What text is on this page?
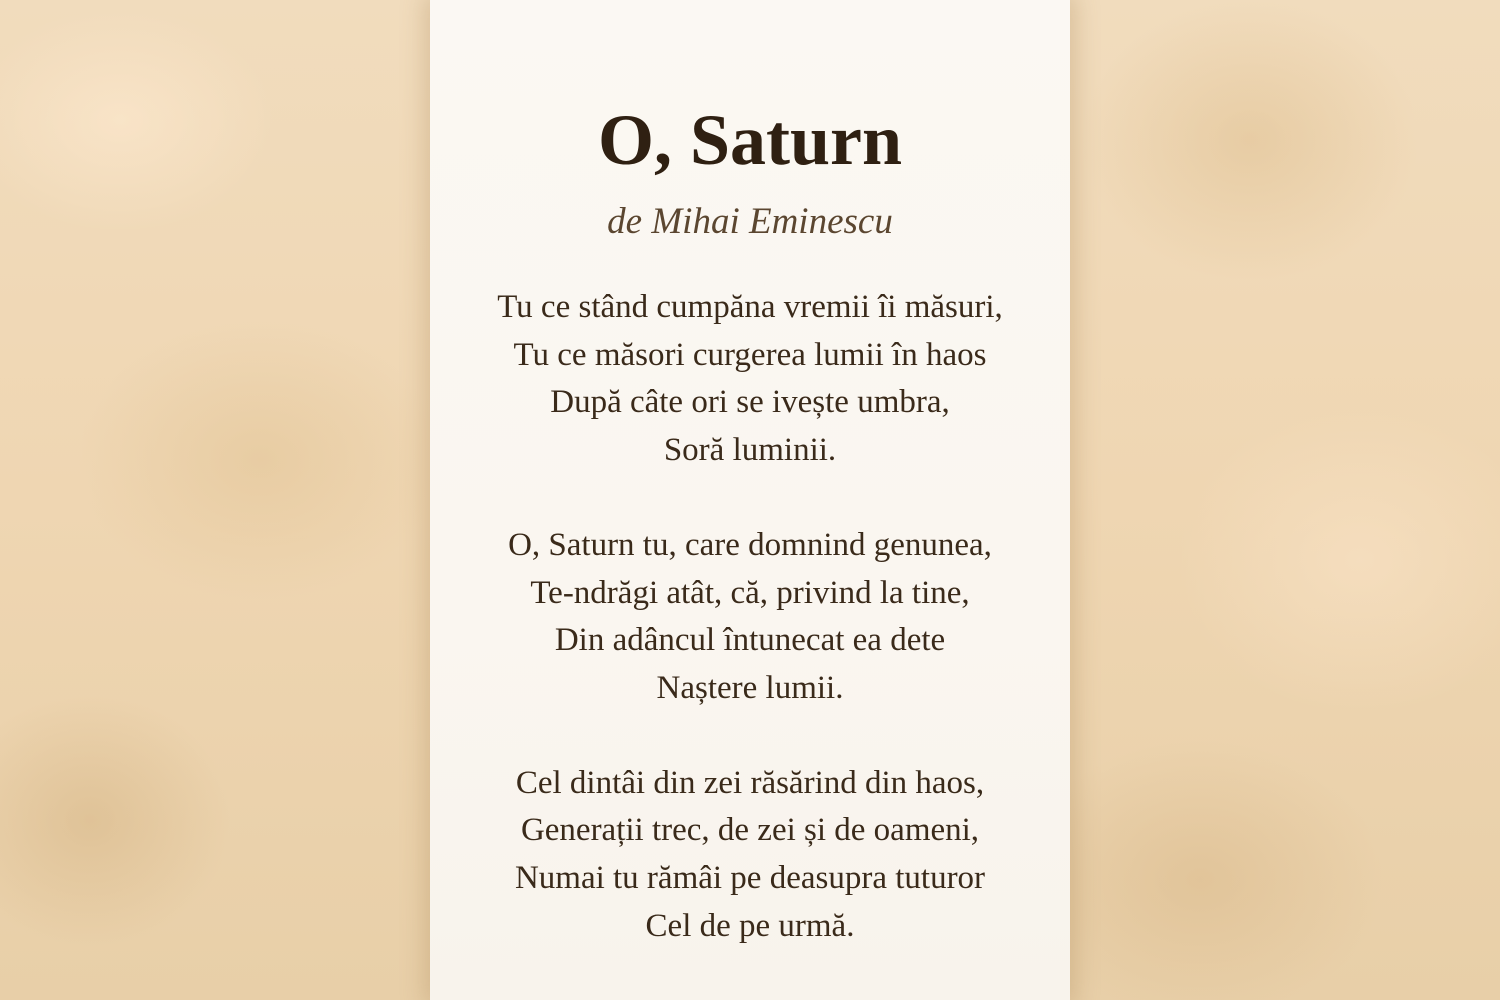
O, Saturn

de Mihai Eminescu

Tu ce stând cumpăna vremii îi măsuri,
Tu ce măsori curgerea lumii în haos
După câte ori se ivește umbra,
Soră luminii.
O, Saturn tu, care domnind genunea,
Te-ndrăgi atât, că, privind la tine,
Din adâncul întunecat ea dete
Naștere lumii.
Cel dintâi din zei răsărind din haos,
Generații trec, de zei și de oameni,
Numai tu rămâi pe deasupra tuturor
Cel de pe urmă.
